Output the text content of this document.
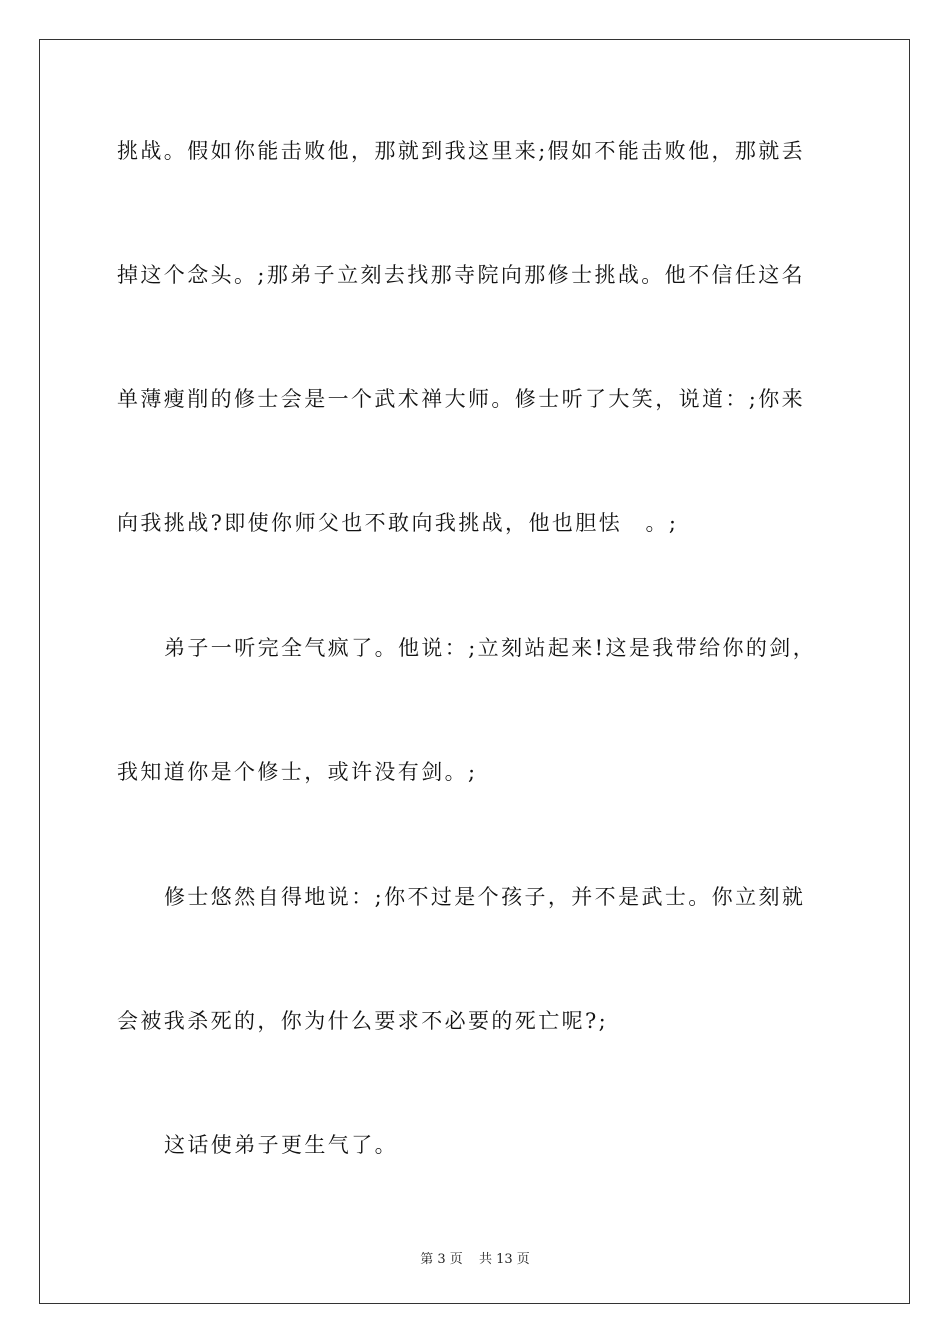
挑战。假如你能击败他，那就到我这里来;假如不能击败他，那就丢
掉这个念头。;那弟子立刻去找那寺院向那修士挑战。他不信任这名
单薄瘦削的修士会是一个武术禅大师。修士听了大笑，说道：;你来
向我挑战?即使你师父也不敢向我挑战，他也胆怯　。;
弟子一听完全气疯了。他说：;立刻站起来!这是我带给你的剑，
我知道你是个修士，或许没有剑。;
修士悠然自得地说：;你不过是个孩子，并不是武士。你立刻就
会被我杀死的，你为什么要求不必要的死亡呢?;
这话使弟子更生气了。
第 3 页 共 13 页
